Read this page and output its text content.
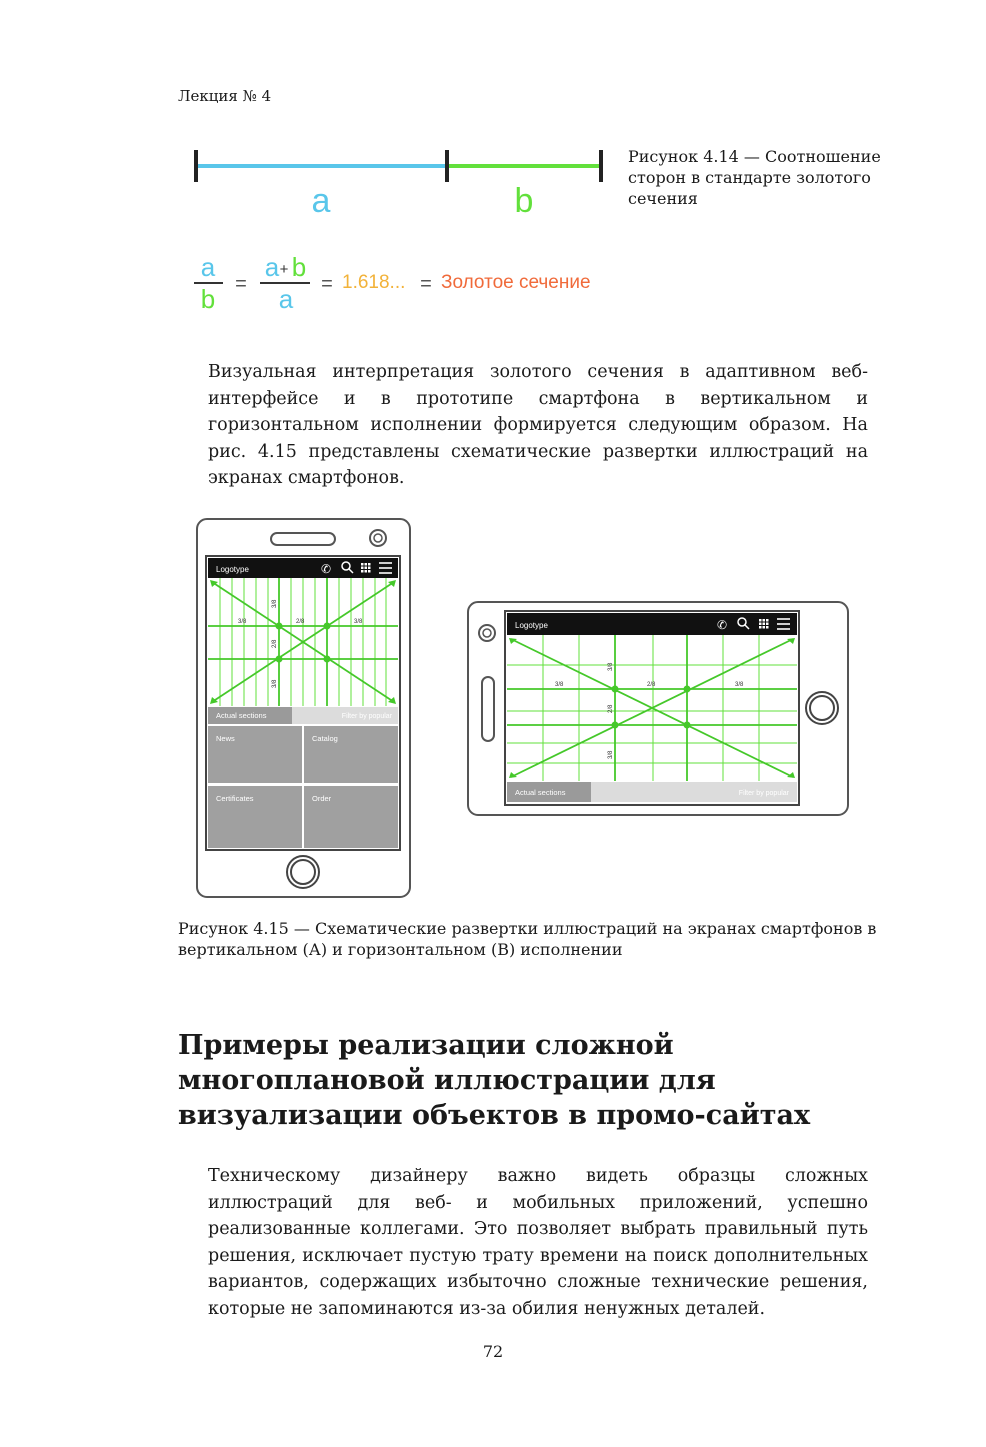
Лекция № 4
a	b
a
b =
a + b
a = 1.618... = Золотое сечение
Рисунок 4.14 — Соотношение сторон в стандарте золотого сечения
Визуальная интерпретация золотого сечения в адаптивном веб-интерфейсе и в прототипе смартфона в вертикальном и горизонтальном исполнении формируется следующим образом. На рис. 4.15 представлены схематические развертки иллюстраций на экранах смартфонов.
Logotype	✆
3/8	2/8	3/8
3/8
2/8
3/8
Actual sections	Filter by popular
News	Catalog
Certificates	Order
Logotype	✆
3/8	2/8	3/8
3/8
2/8
3/8
Actual sections	Filter by popular
Рисунок 4.15 — Схематические развертки иллюстраций на экранах смартфонов в вертикальном (А) и горизонтальном (В) исполнении
Примеры реализации сложной многоплановой иллюстрации для визуализации объектов в промо-сайтах
Техническому дизайнеру важно видеть образцы сложных иллюстраций для веб- и мобильных приложений, успешно реализованные коллегами. Это позволяет выбрать правильный путь решения, исключает пустую трату времени на поиск дополнительных вариантов, содержащих избыточно сложные технические решения, которые не запоминаются из-за обилия ненужных деталей.
72
